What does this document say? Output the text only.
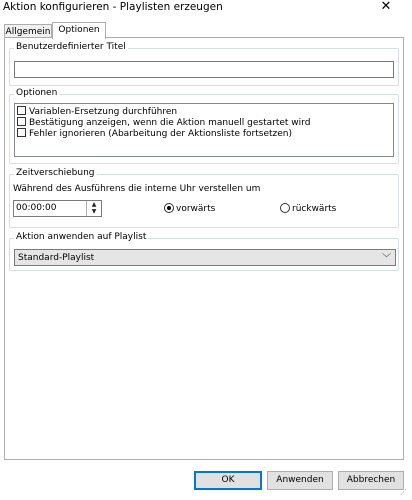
Aktion konfigurieren - Playlisten erzeugen	✕
Allgemein Optionen
Benutzerdefinierter Titel
Optionen
Variablen-Ersetzung durchführen
Bestätigung anzeigen, wenn die Aktion manuell gestartet wird
Fehler ignorieren (Abarbeitung der Aktionsliste fortsetzen)
Zeitverschiebung
Während des Ausführens die interne Uhr verstellen um
00:00:00	▲
▼	vorwärts	rückwärts
Aktion anwenden auf Playlist
Standard-Playlist	﹀
OK	Anwenden	Abbrechen
⋰
